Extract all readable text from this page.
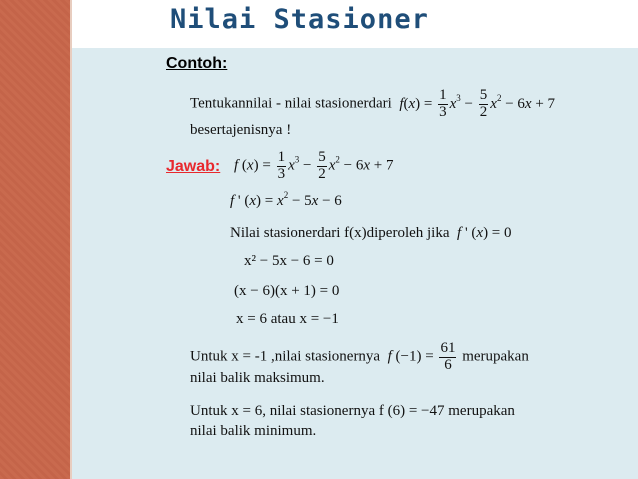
Nilai Stasioner
Contoh:
Tentukannilai - nilai stasionerdari $f(x) = \frac{1}{3} x^3 - \frac{5}{2} x^2 - 6x + 7$
besertajenisnya !
Jawab: f $(x) = \frac{1}{3} x^3 - \frac{5}{2} x^2 - 6x + 7$
f ' $(x) = x^2 - 5x - 6$
Nilai stasionerdari f(x)diperoleh jika f ' (x) = 0
x² − 5x − 6 = 0
(x − 6)(x + 1) = 0
x = 6 atau x = −1
Untuk x = -1 ,nilai stasionernya f $(-1) = \frac{61}{6}$ merupakan
nilai balik maksimum.
Untuk x = 6, nilai stasionernya f (6) = −47 merupakan
nilai balik minimum.
